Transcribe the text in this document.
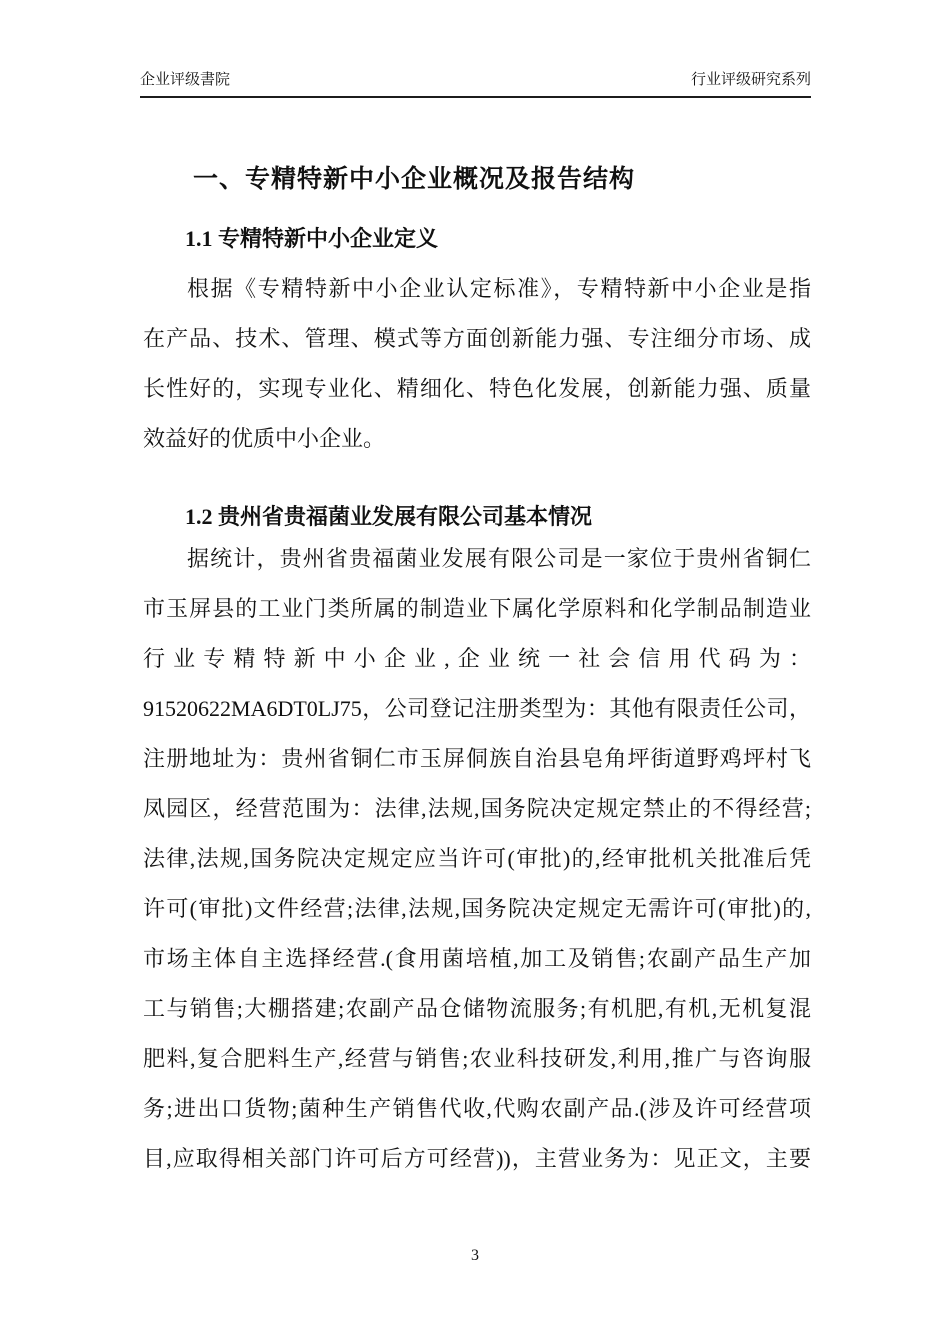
企业评级書院	行业评级研究系列
一、专精特新中小企业概况及报告结构
1.1 专精特新中小企业定义
根据《专精特新中小企业认定标准》，专精特新中小企业是指
在产品、技术、管理、模式等方面创新能力强、专注细分市场、成
长性好的，实现专业化、精细化、特色化发展，创新能力强、质量
效益好的优质中小企业。
1.2 贵州省贵福菌业发展有限公司基本情况
据统计，贵州省贵福菌业发展有限公司是一家位于贵州省铜仁
市玉屏县的工业门类所属的制造业下属化学原料和化学制品制造业
行业专精特新中小企业,企业统一社会信用代码为：
91520622MA6DT0LJ75，公司登记注册类型为：其他有限责任公司，
注册地址为：贵州省铜仁市玉屏侗族自治县皂角坪街道野鸡坪村飞
凤园区，经营范围为：法律,法规,国务院决定规定禁止的不得经营;
法律,法规,国务院决定规定应当许可(审批)的,经审批机关批准后凭
许可(审批)文件经营;法律,法规,国务院决定规定无需许可(审批)的,
市场主体自主选择经营.(食用菌培植,加工及销售;农副产品生产加
工与销售;大棚搭建;农副产品仓储物流服务;有机肥,有机,无机复混
肥料,复合肥料生产,经营与销售;农业科技研发,利用,推广与咨询服
务;进出口货物;菌种生产销售代收,代购农副产品.(涉及许可经营项
目,应取得相关部门许可后方可经营))，主营业务为：见正文，主要
3
